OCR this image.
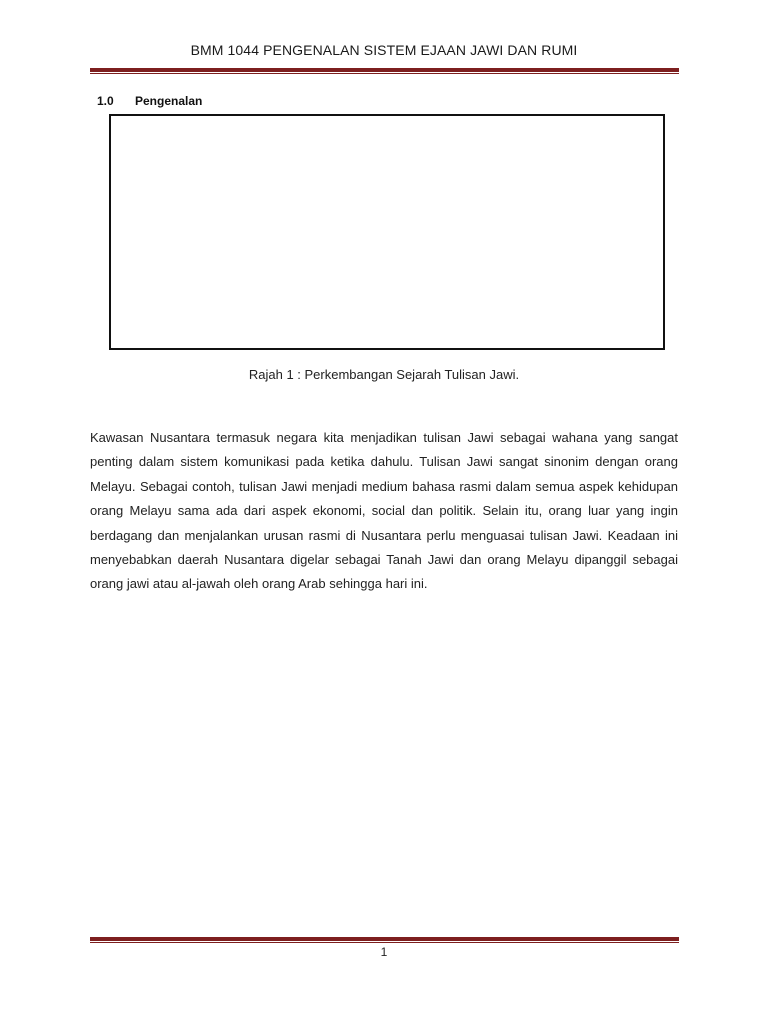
BMM 1044 PENGENALAN SISTEM EJAAN JAWI DAN RUMI
1.0 Pengenalan
Rajah 1 : Perkembangan Sejarah Tulisan Jawi.

Kawasan Nusantara termasuk negara kita menjadikan tulisan Jawi sebagai wahana yang sangat penting dalam sistem komunikasi pada ketika dahulu. Tulisan Jawi sangat sinonim dengan orang Melayu. Sebagai contoh, tulisan Jawi menjadi medium bahasa rasmi dalam semua aspek kehidupan orang Melayu sama ada dari aspek ekonomi, social dan politik. Selain itu, orang luar yang ingin berdagang dan menjalankan urusan rasmi di Nusantara perlu menguasai tulisan Jawi. Keadaan ini menyebabkan daerah Nusantara digelar sebagai Tanah Jawi dan orang Melayu dipanggil sebagai orang jawi atau al-jawah oleh orang Arab sehingga hari ini.

1
